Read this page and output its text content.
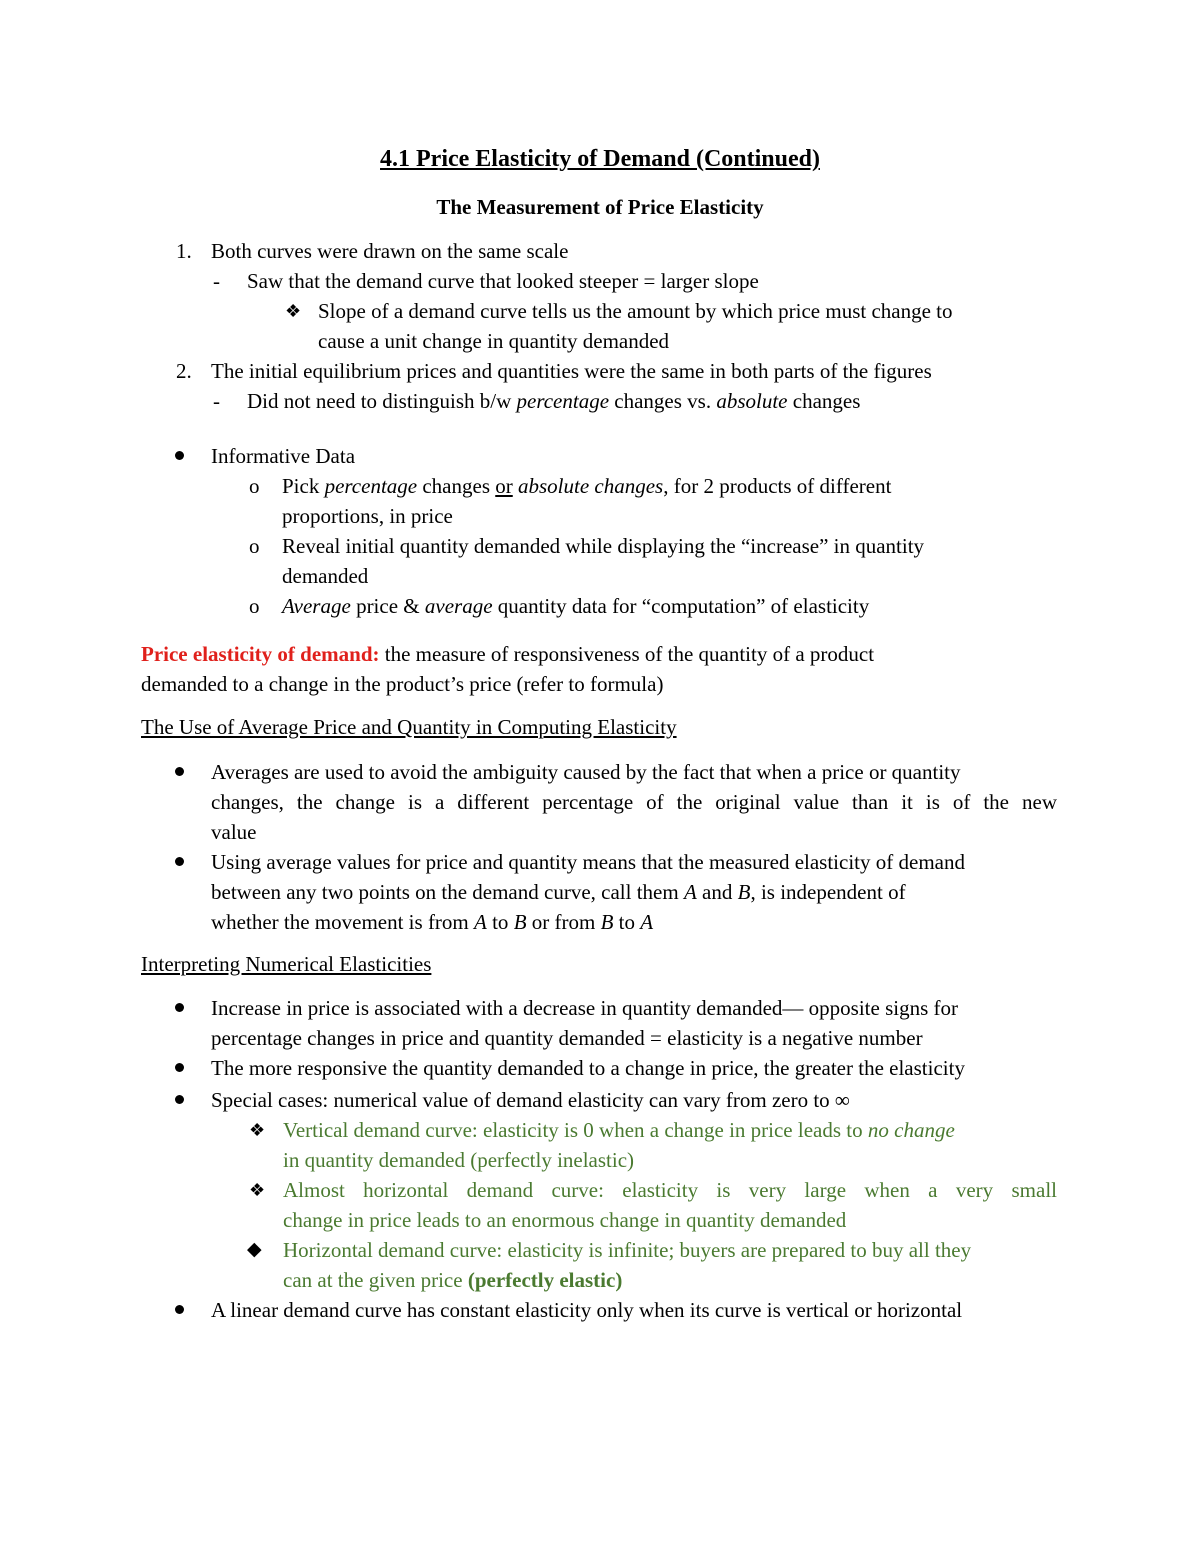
4.1 Price Elasticity of Demand (Continued)
The Measurement of Price Elasticity
1. Both curves were drawn on the same scale
- Saw that the demand curve that looked steeper = larger slope
❖ Slope of a demand curve tells us the amount by which price must change to
cause a unit change in quantity demanded
2. The initial equilibrium prices and quantities were the same in both parts of the figures
- Did not need to distinguish b/w percentage changes vs. absolute changes
Informative Data
o Pick percentage changes or absolute changes, for 2 products of different
proportions, in price
o Reveal initial quantity demanded while displaying the “increase” in quantity
demanded
o Average price & average quantity data for “computation” of elasticity
Price elasticity of demand: the measure of responsiveness of the quantity of a product
demanded to a change in the product’s price (refer to formula)
The Use of Average Price and Quantity in Computing Elasticity
Averages are used to avoid the ambiguity caused by the fact that when a price or quantity
changes, the change is a different percentage of the original value than it is of the new
value
Using average values for price and quantity means that the measured elasticity of demand
between any two points on the demand curve, call them A and B, is independent of
whether the movement is from A to B or from B to A
Interpreting Numerical Elasticities
Increase in price is associated with a decrease in quantity demanded— opposite signs for
percentage changes in price and quantity demanded = elasticity is a negative number
The more responsive the quantity demanded to a change in price, the greater the elasticity
Special cases: numerical value of demand elasticity can vary from zero to ∞
❖ Vertical demand curve: elasticity is 0 when a change in price leads to no change
in quantity demanded (perfectly inelastic)
❖ Almost horizontal demand curve: elasticity is very large when a very small
change in price leads to an enormous change in quantity demanded
◆ Horizontal demand curve: elasticity is infinite; buyers are prepared to buy all they
can at the given price (perfectly elastic)
A linear demand curve has constant elasticity only when its curve is vertical or horizontal
